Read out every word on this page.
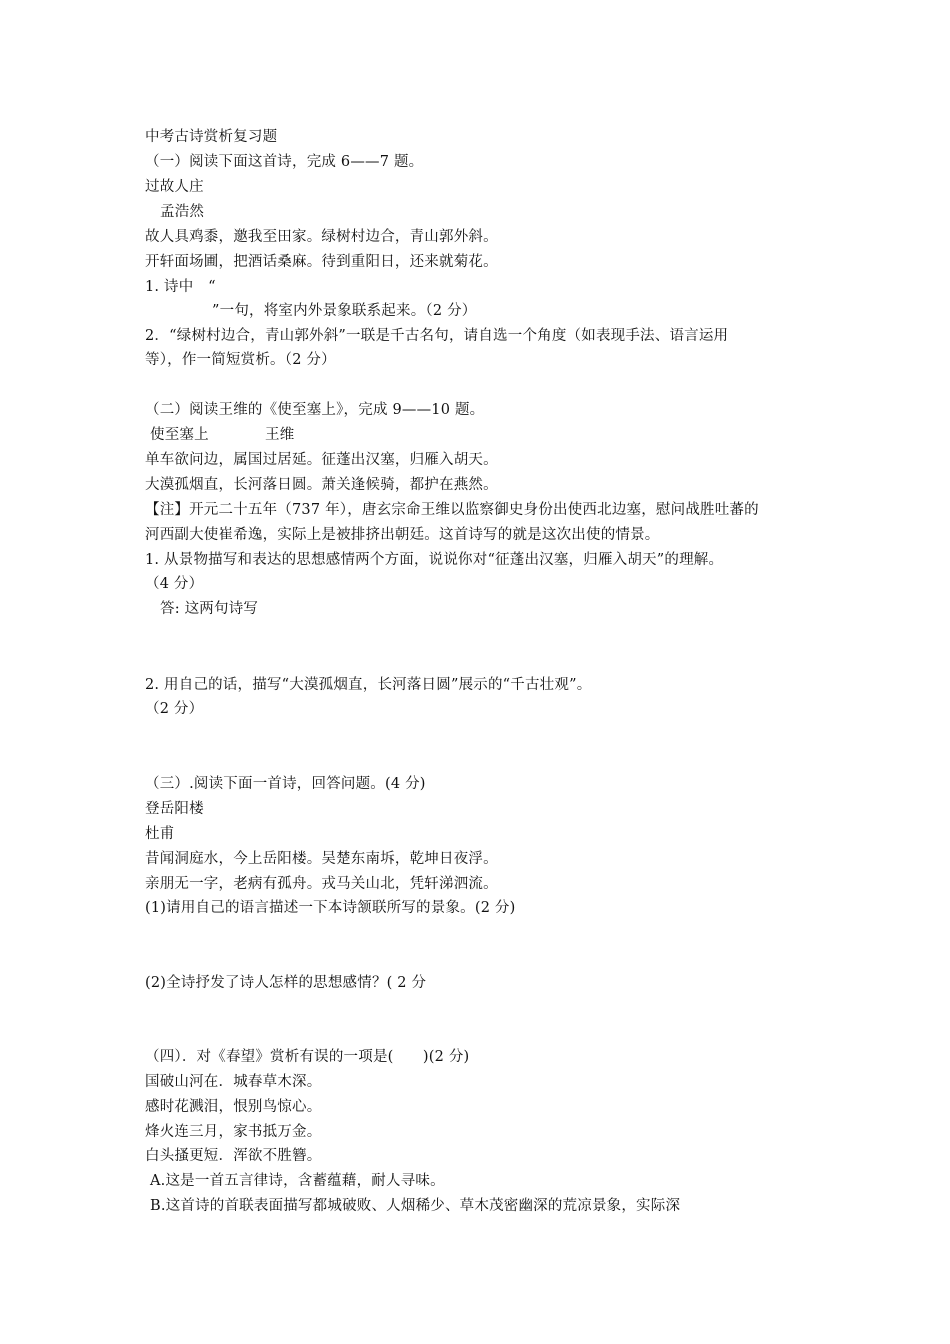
中考古诗赏析复习题
（一）阅读下面这首诗，完成 6——7 题。
过故人庄
孟浩然
故人具鸡黍，邀我至田家。绿树村边合，青山郭外斜。
开轩面场圃，把酒话桑麻。待到重阳日，还来就菊花。
1. 诗中　“
”一句，将室内外景象联系起来。（2 分）
2．“绿树村边合，青山郭外斜”一联是千古名句，请自选一个角度（如表现手法、语言运用
等），作一简短赏析。（2 分）
（二）阅读王维的《使至塞上》，完成 9——10 题。
使至塞上	王维
单车欲问边，属国过居延。征蓬出汉塞，归雁入胡天。
大漠孤烟直，长河落日圆。萧关逢候骑，都护在燕然。
【注】开元二十五年（737 年），唐玄宗命王维以监察御史身份出使西北边塞，慰问战胜吐蕃的
河西副大使崔希逸，实际上是被排挤出朝廷。这首诗写的就是这次出使的情景。
1. 从景物描写和表达的思想感情两个方面，说说你对“征蓬出汉塞，归雁入胡天”的理解。
（4 分）
答: 这两句诗写
2. 用自己的话，描写“大漠孤烟直，长河落日圆”展示的“千古壮观”。
（2 分）
（三）.阅读下面一首诗，回答问题。(4 分)
登岳阳楼
杜甫
昔闻洞庭水，今上岳阳楼。吴楚东南坼，乾坤日夜浮。
亲朋无一字，老病有孤舟。戎马关山北，凭轩涕泗流。
(1)请用自己的语言描述一下本诗颔联所写的景象。(2 分)
(2)全诗抒发了诗人怎样的思想感情？( 2 分
（四）．对《春望》赏析有误的一项是(　　)(2 分)
国破山河在．城春草木深。
感时花溅泪，恨别鸟惊心。
烽火连三月，家书抵万金。
白头搔更短．浑欲不胜簪。
A.这是一首五言律诗，含蓄蕴藉，耐人寻味。
B.这首诗的首联表面描写都城破败、人烟稀少、草木茂密幽深的荒凉景象，实际深
